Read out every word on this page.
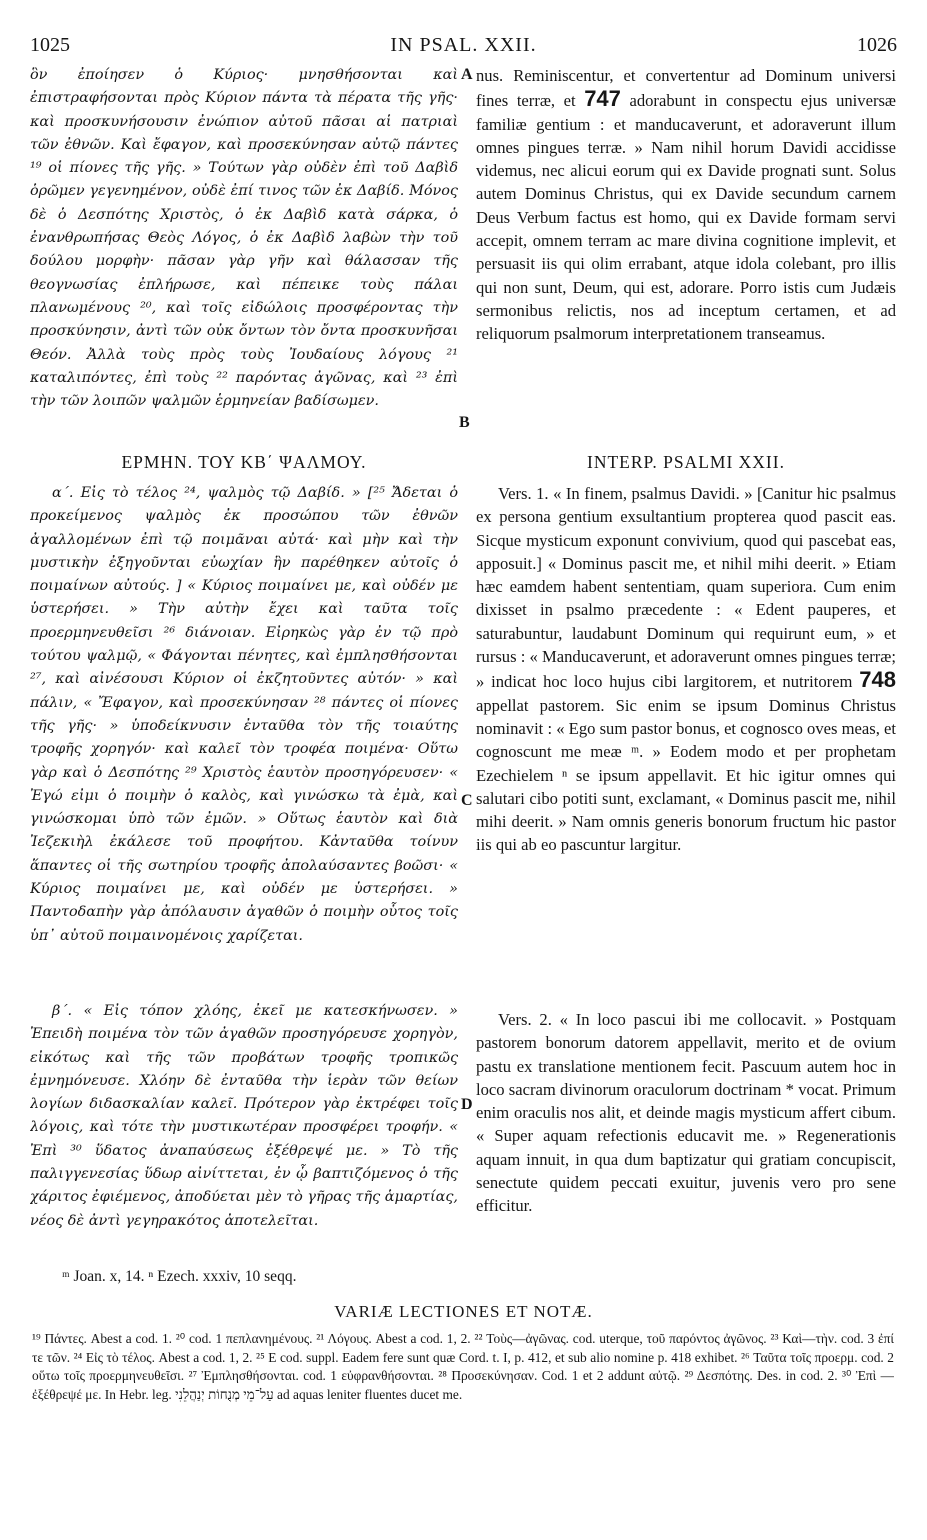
1025	IN PSAL. XXII.	1026

ὃν ἐποίησεν ὁ Κύριος· μνησθήσονται καὶ ἐπιστραφήσονται πρὸς Κύριον πάντα τὰ πέρατα τῆς γῆς· καὶ προσκυνήσουσιν ἐνώπιον αὐτοῦ πᾶσαι αἱ πατριαὶ τῶν ἐθνῶν. Καὶ ἔφαγον, καὶ προσεκύνησαν αὐτῷ πάντες ¹⁹ οἱ πίονες τῆς γῆς. » Τούτων γὰρ οὐδὲν ἐπὶ τοῦ Δαβὶδ ὁρῶμεν γεγενημένον, οὐδὲ ἐπί τινος τῶν ἐκ Δαβίδ. Μόνος δὲ ὁ Δεσπότης Χριστὸς, ὁ ἐκ Δαβὶδ κατὰ σάρκα, ὁ ἐνανθρωπήσας Θεὸς Λόγος, ὁ ἐκ Δαβὶδ λαβὼν τὴν τοῦ δούλου μορφὴν· πᾶσαν γὰρ γῆν καὶ θάλασσαν τῆς θεογνωσίας ἐπλήρωσε, καὶ πέπεικε τοὺς πάλαι πλανωμένους ²⁰, καὶ τοῖς εἰδώλοις προσφέροντας τὴν προσκύνησιν, ἀντὶ τῶν οὐκ ὄντων τὸν ὄντα προσκυνῆσαι Θεόν. Ἀλλὰ τοὺς πρὸς τοὺς Ἰουδαίους λόγους ²¹ καταλιπόντες, ἐπὶ τοὺς ²² παρόντας ἀγῶνας, καὶ ²³ ἐπὶ τὴν τῶν λοιπῶν ψαλμῶν ἑρμηνείαν βαδίσωμεν.

nus. Reminiscentur, et convertentur ad Dominum universi fines terræ, et 747 adorabunt in conspectu ejus universæ familiæ gentium : et manducaverunt, et adoraverunt illum omnes pingues terræ. » Nam nihil horum Davidi accidisse videmus, nec alicui eorum qui ex Davide prognati sunt. Solus autem Dominus Christus, qui ex Davide secundum carnem Deus Verbum factus est homo, qui ex Davide formam servi accepit, omnem terram ac mare divina cognitione implevit, et persuasit iis qui olim errabant, atque idola colebant, pro illis qui non sunt, Deum, qui est, adorare. Porro istis cum Judæis sermonibus relictis, nos ad inceptum certamen, et ad reliquorum psalmorum interpretationem transeamus.

A
B
C
D
ΕΡΜΗΝ. ΤΟΥ ΚΒ΄ ΨΑΛΜΟΥ.	INTERP. PSALMI XXII.

α΄. Εἰς τὸ τέλος ²⁴, ψαλμὸς τῷ Δαβίδ. » [²⁵ Ἄδεται ὁ προκείμενος ψαλμὸς ἐκ προσώπου τῶν ἐθνῶν ἀγαλλομένων ἐπὶ τῷ ποιμᾶναι αὐτά· καὶ μὴν καὶ τὴν μυστικὴν ἐξηγοῦνται εὐωχίαν ἣν παρέθηκεν αὐτοῖς ὁ ποιμαίνων αὐτούς. ] « Κύριος ποιμαίνει με, καὶ οὐδέν με ὑστερήσει. » Τὴν αὐτὴν ἔχει καὶ ταῦτα τοῖς προερμηνευθεῖσι ²⁶ διάνοιαν. Εἰρηκὼς γὰρ ἐν τῷ πρὸ τούτου ψαλμῷ, « Φάγονται πένητες, καὶ ἐμπλησθήσονται ²⁷, καὶ αἰνέσουσι Κύριον οἱ ἐκζητοῦντες αὐτόν· » καὶ πάλιν, « Ἔφαγον, καὶ προσεκύνησαν ²⁸ πάντες οἱ πίονες τῆς γῆς· » ὑποδείκνυσιν ἐνταῦθα τὸν τῆς τοιαύτης τροφῆς χορηγόν· καὶ καλεῖ τὸν τροφέα ποιμένα· Οὕτω γὰρ καὶ ὁ Δεσπότης ²⁹ Χριστὸς ἑαυτὸν προσηγόρευσεν· « Ἐγώ εἰμι ὁ ποιμὴν ὁ καλὸς, καὶ γινώσκω τὰ ἐμὰ, καὶ γινώσκομαι ὑπὸ τῶν ἐμῶν. » Οὕτως ἑαυτὸν καὶ διὰ Ἰεζεκιὴλ ἐκάλεσε τοῦ προφήτου. Κἀνταῦθα τοίνυν ἅπαντες οἱ τῆς σωτηρίου τροφῆς ἀπολαύσαντες βοῶσι· « Κύριος ποιμαίνει με, καὶ οὐδέν με ὑστερήσει. » Παντοδαπὴν γὰρ ἀπόλαυσιν ἀγαθῶν ὁ ποιμὴν οὗτος τοῖς ὑπ᾽ αὐτοῦ ποιμαινομένοις χαρίζεται.

β΄. « Εἰς τόπον χλόης, ἐκεῖ με κατεσκήνωσεν. » Ἐπειδὴ ποιμένα τὸν τῶν ἀγαθῶν προσηγόρευσε χορηγὸν, εἰκότως καὶ τῆς τῶν προβάτων τροφῆς τροπικῶς ἐμνημόνευσε. Χλόην δὲ ἐνταῦθα τὴν ἱερὰν τῶν θείων λογίων διδασκαλίαν καλεῖ. Πρότερον γὰρ ἐκτρέφει τοῖς λόγοις, καὶ τότε τὴν μυστικωτέραν προσφέρει τροφήν. « Ἐπὶ ³⁰ ὕδατος ἀναπαύσεως ἐξέθρεψέ με. » Τὸ τῆς παλιγγενεσίας ὕδωρ αἰνίττεται, ἐν ᾧ βαπτιζόμενος ὁ τῆς χάριτος ἐφιέμενος, ἀποδύεται μὲν τὸ γῆρας τῆς ἁμαρτίας, νέος δὲ ἀντὶ γεγηρακότος ἀποτελεῖται.

Vers. 1. « In finem, psalmus Davidi. » [Canitur hic psalmus ex persona gentium exsultantium propterea quod pascit eas. Sicque mysticum exponunt convivium, quod qui pascebat eas, apposuit.] « Dominus pascit me, et nihil mihi deerit. » Etiam hæc eamdem habent sententiam, quam superiora. Cum enim dixisset in psalmo præcedente : « Edent pauperes, et saturabuntur, laudabunt Dominum qui requirunt eum, » et rursus : « Manducaverunt, et adoraverunt omnes pingues terræ; » indicat hoc loco hujus cibi largitorem, et nutritorem 748 appellat pastorem. Sic enim se ipsum Dominus Christus nominavit : « Ego sum pastor bonus, et cognosco oves meas, et cognoscunt me meæ ᵐ. » Eodem modo et per prophetam Ezechielem ⁿ se ipsum appellavit. Et hic igitur omnes qui salutari cibo potiti sunt, exclamant, « Dominus pascit me, nihil mihi deerit. » Nam omnis generis bonorum fructum hic pastor iis qui ab eo pascuntur largitur.

Vers. 2. « In loco pascui ibi me collocavit. » Postquam pastorem bonorum datorem appellavit, merito et de ovium pastu ex translatione mentionem fecit. Pascuum autem hoc in loco sacram divinorum oraculorum doctrinam * vocat. Primum enim oraculis nos alit, et deinde magis mysticum affert cibum. « Super aquam refectionis educavit me. » Regenerationis aquam innuit, in qua dum baptizatur qui gratiam concupiscit, senectute quidem peccati exuitur, juvenis vero pro sene efficitur.

ᵐ Joan. x, 14. ⁿ Ezech. xxxiv, 10 seqq.
VARIÆ LECTIONES ET NOTÆ.

¹⁹ Πάντες. Abest a cod. 1. ²⁰ cod. 1 πεπλανημένους. ²¹ Λόγους. Abest a cod. 1, 2. ²² Τοὺς—ἀγῶνας. cod. uterque, τοῦ παρόντος ἀγῶνος. ²³ Καὶ—τὴν. cod. 3 ἐπί τε τῶν. ²⁴ Εἰς τὸ τέλος. Abest a cod. 1, 2. ²⁵ E cod. suppl. Eadem fere sunt quæ Cord. t. I, p. 412, et sub alio nomine p. 418 exhibet. ²⁶ Ταῦτα τοῖς προερμ. cod. 2 οὕτω τοῖς προερμηνευθεῖσι. ²⁷ Ἐμπλησθήσονται. cod. 1 εὐφρανθήσονται. ²⁸ Προσεκύνησαν. Cod. 1 et 2 addunt αὐτῷ. ²⁹ Δεσπότης. Des. in cod. 2. ³⁰ Ἐπὶ — ἐξέθρεψέ με. In Hebr. leg. עַל־מֵי מְנֻחוֹת יְנַהֲלֵנִי ad aquas leniter fluentes ducet me.
